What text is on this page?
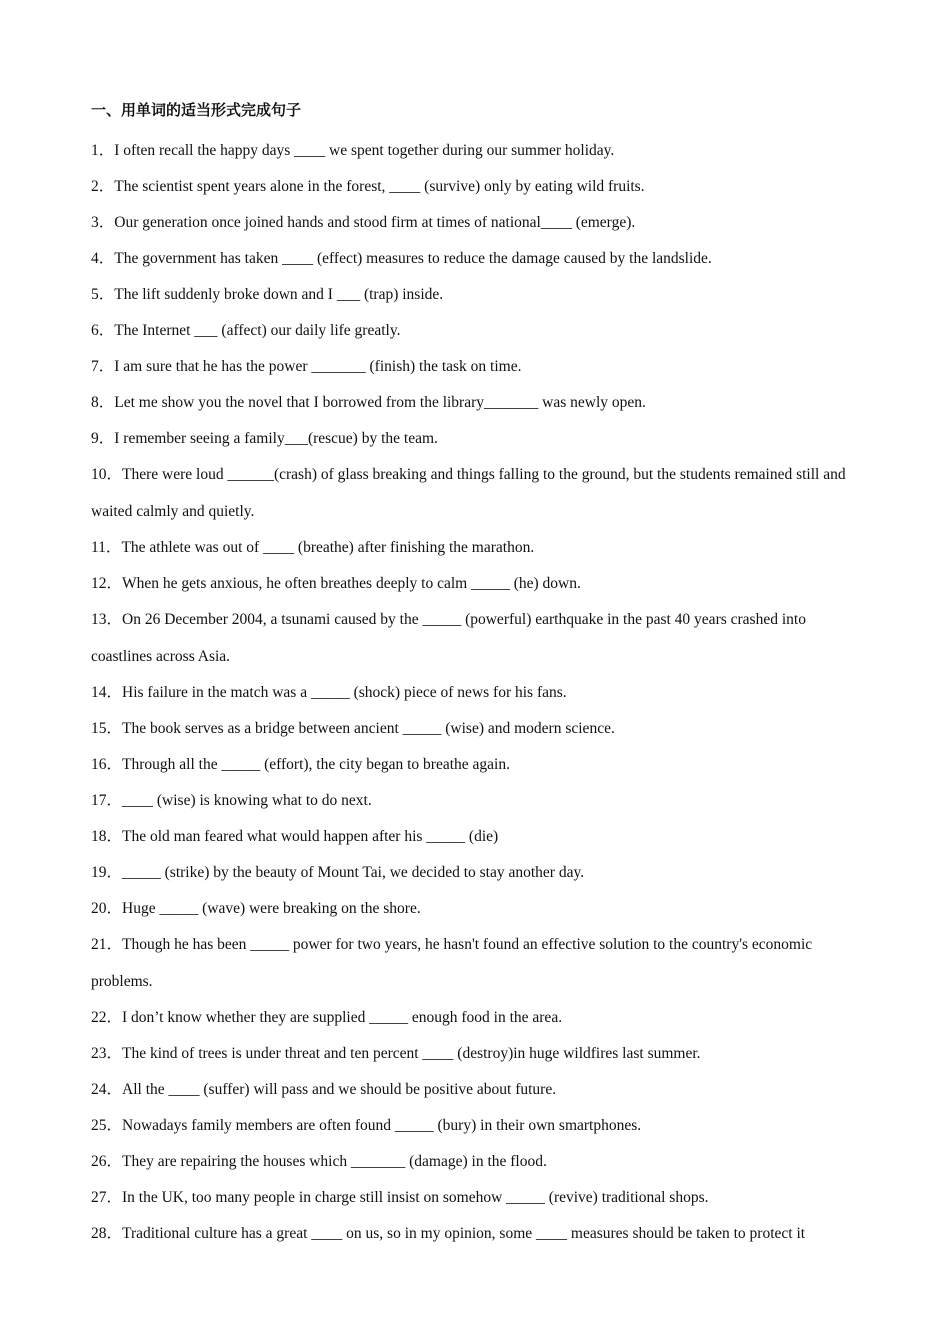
一、用单词的适当形式完成句子

1．I often recall the happy days ____ we spent together during our summer holiday.

2．The scientist spent years alone in the forest, ____ (survive) only by eating wild fruits.

3．Our generation once joined hands and stood firm at times of national____ (emerge).

4．The government has taken ____ (effect) measures to reduce the damage caused by the landslide.

5．The lift suddenly broke down and I ___ (trap) inside.

6．The Internet ___ (affect) our daily life greatly.

7．I am sure that he has the power _______ (finish) the task on time.

8．Let me show you the novel that I borrowed from the library_______ was newly open.

9．I remember seeing a family___(rescue) by the team.

10．There were loud ______(crash) of glass breaking and things falling to the ground, but the students remained still and waited calmly and quietly.

11．The athlete was out of ____ (breathe) after finishing the marathon.

12．When he gets anxious, he often breathes deeply to calm _____ (he) down.

13．On 26 December 2004, a tsunami caused by the _____ (powerful) earthquake in the past 40 years crashed into coastlines across Asia.

14．His failure in the match was a _____ (shock) piece of news for his fans.

15．The book serves as a bridge between ancient _____ (wise) and modern science.

16．Through all the _____ (effort), the city began to breathe again.

17．____ (wise) is knowing what to do next.

18．The old man feared what would happen after his _____ (die)

19．_____ (strike) by the beauty of Mount Tai, we decided to stay another day.

20．Huge _____ (wave) were breaking on the shore.

21．Though he has been _____ power for two years, he hasn't found an effective solution to the country's economic problems.

22．I don’t know whether they are supplied _____ enough food in the area.

23．The kind of trees is under threat and ten percent ____ (destroy)in huge wildfires last summer.

24．All the ____ (suffer) will pass and we should be positive about future.

25．Nowadays family members are often found _____ (bury) in their own smartphones.

26．They are repairing the houses which _______ (damage) in the flood.

27．In the UK, too many people in charge still insist on somehow _____ (revive) traditional shops.

28．Traditional culture has a great ____ on us, so in my opinion, some ____ measures should be taken to protect it
